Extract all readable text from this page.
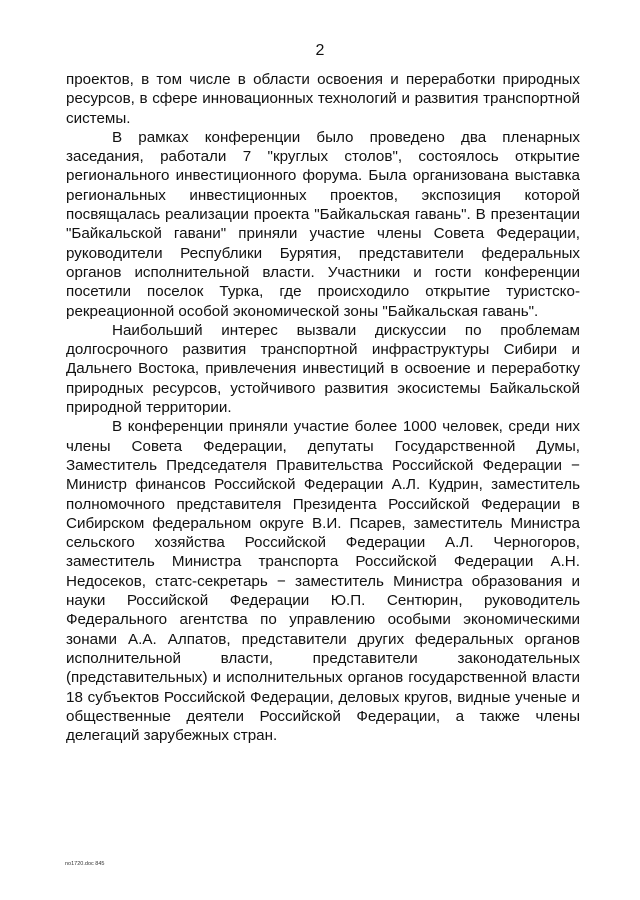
2

проектов, в том числе в области освоения и переработки природных ресурсов, в сфере инновационных технологий и развития транспортной системы.

В рамках конференции было проведено два пленарных заседания, работали 7 "круглых столов", состоялось открытие регионального инвестиционного форума. Была организована выставка региональных инвестиционных проектов, экспозиция которой посвящалась реализации проекта "Байкальская гавань". В презентации "Байкальской гавани" приняли участие члены Совета Федерации, руководители Республики Бурятия, представители федеральных органов исполнительной власти. Участники и гости конференции посетили поселок Турка, где происходило открытие туристско-рекреационной особой экономической зоны "Байкальская гавань".

Наибольший интерес вызвали дискуссии по проблемам долгосрочного развития транспортной инфраструктуры Сибири и Дальнего Востока, привлечения инвестиций в освоение и переработку природных ресурсов, устойчивого развития экосистемы Байкальской природной территории.

В конференции приняли участие более 1000 человек, среди них члены Совета Федерации, депутаты Государственной Думы, Заместитель Председателя Правительства Российской Федерации − Министр финансов Российской Федерации А.Л. Кудрин, заместитель полномочного представителя Президента Российской Федерации в Сибирском федеральном округе В.И. Псарев, заместитель Министра сельского хозяйства Российской Федерации А.Л. Черногоров, заместитель Министра транспорта Российской Федерации А.Н. Недосеков, статс-секретарь − заместитель Министра образования и науки Российской Федерации Ю.П. Сентюрин, руководитель Федерального агентства по управлению особыми экономическими зонами А.А. Алпатов, представители других федеральных органов исполнительной власти, представители законодательных (представительных) и исполнительных органов государственной власти 18 субъектов Российской Федерации, деловых кругов, видные ученые и общественные деятели Российской Федерации, а также члены делегаций зарубежных стран.

no1720.doc 845
